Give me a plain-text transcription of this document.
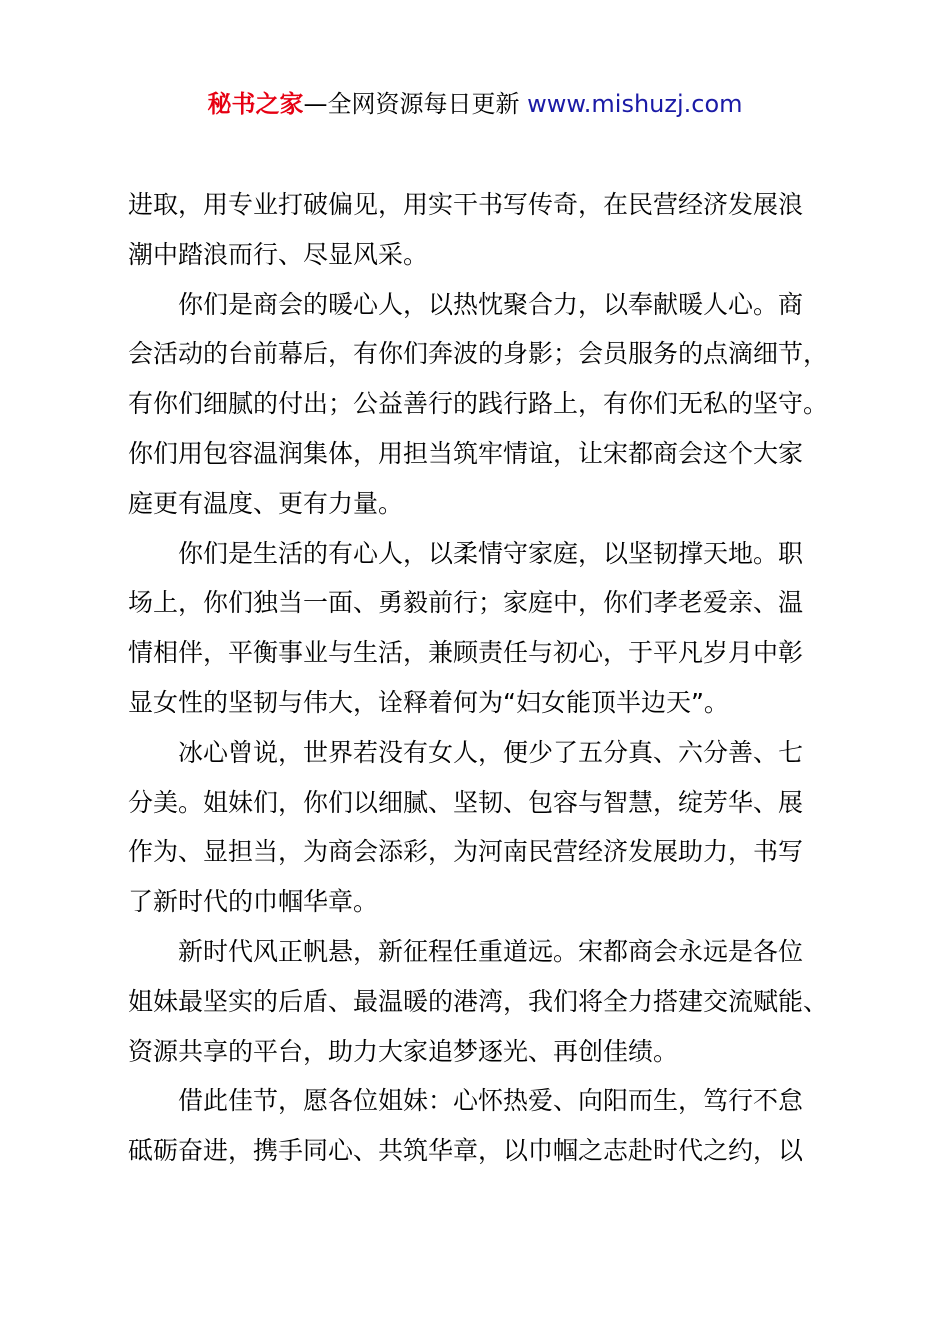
秘书之家—全网资源每日更新 www.mishuzj.com

进取，用专业打破偏见，用实干书写传奇，在民营经济发展浪

潮中踏浪而行、尽显风采。

　　你们是商会的暖心人，以热忱聚合力，以奉献暖人心。商

会活动的台前幕后，有你们奔波的身影；会员服务的点滴细节，

有你们细腻的付出；公益善行的践行路上，有你们无私的坚守。

你们用包容温润集体，用担当筑牢情谊，让宋都商会这个大家

庭更有温度、更有力量。

　　你们是生活的有心人，以柔情守家庭，以坚韧撑天地。职

场上，你们独当一面、勇毅前行；家庭中，你们孝老爱亲、温

情相伴，平衡事业与生活，兼顾责任与初心，于平凡岁月中彰

显女性的坚韧与伟大，诠释着何为“妇女能顶半边天”。

　　冰心曾说，世界若没有女人，便少了五分真、六分善、七

分美。姐妹们，你们以细腻、坚韧、包容与智慧，绽芳华、展

作为、显担当，为商会添彩，为河南民营经济发展助力，书写

了新时代的巾帼华章。

　　新时代风正帆悬，新征程任重道远。宋都商会永远是各位

姐妹最坚实的后盾、最温暖的港湾，我们将全力搭建交流赋能、

资源共享的平台，助力大家追梦逐光、再创佳绩。

　　借此佳节，愿各位姐妹：心怀热爱、向阳而生，笃行不怠

砥砺奋进，携手同心、共筑华章，以巾帼之志赴时代之约，以
